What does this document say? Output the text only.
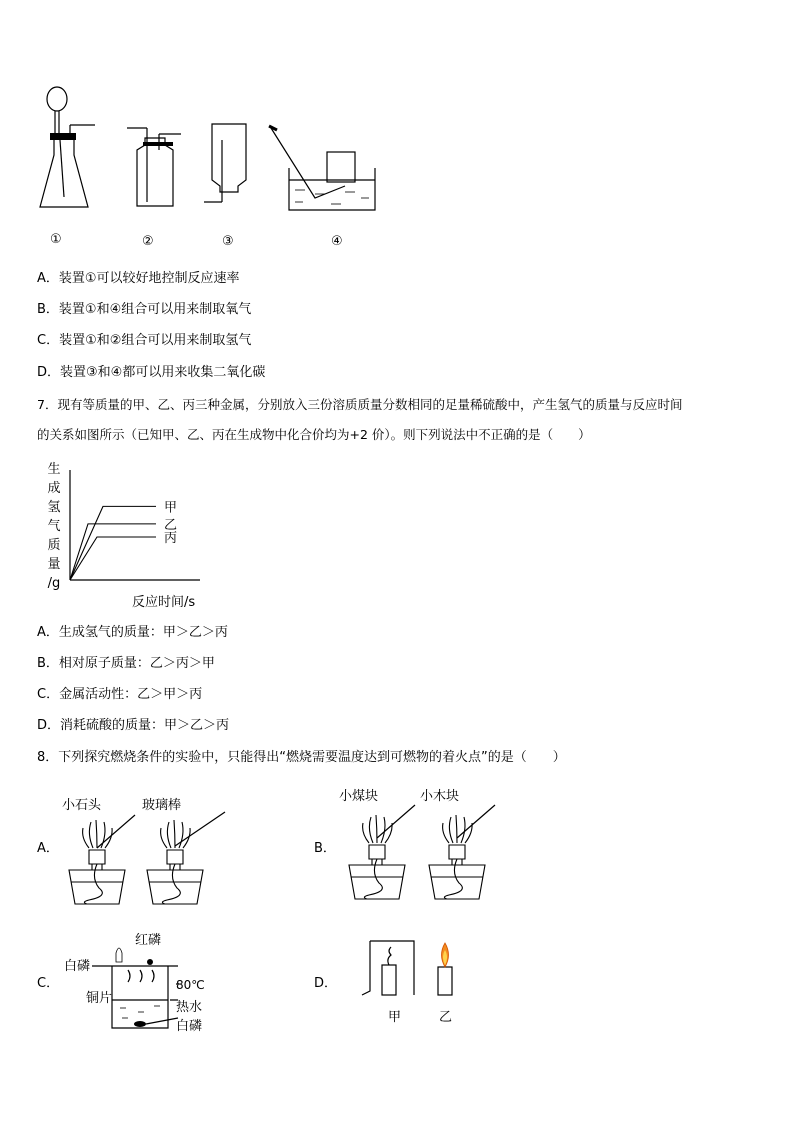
①	②	③	④
A．装置①可以较好地控制反应速率
B．装置①和④组合可以用来制取氧气
C．装置①和②组合可以用来制取氢气
D．装置③和④都可以用来收集二氧化碳
7．现有等质量的甲、乙、丙三种金属，分别放入三份溶质质量分数相同的足量稀硫酸中，产生氢气的质量与反应时间
的关系如图所示（已知甲、乙、丙在生成物中化合价均为+2 价）。则下列说法中不正确的是（　　）
生
成
氢
气
质
量
/g
甲
乙
丙
反应时间/s
A．生成氢气的质量：甲＞乙＞丙
B．相对原子质量：乙＞丙＞甲
C．金属活动性：乙＞甲＞丙
D．消耗硫酸的质量：甲＞乙＞丙
8．下列探究燃烧条件的实验中，只能得出“燃烧需要温度达到可燃物的着火点”的是（　　）
A．
小石头	玻璃棒
B．
小煤块	小木块
C．
红磷
白磷
80℃
铜片
热水
白磷
D．
甲	乙
